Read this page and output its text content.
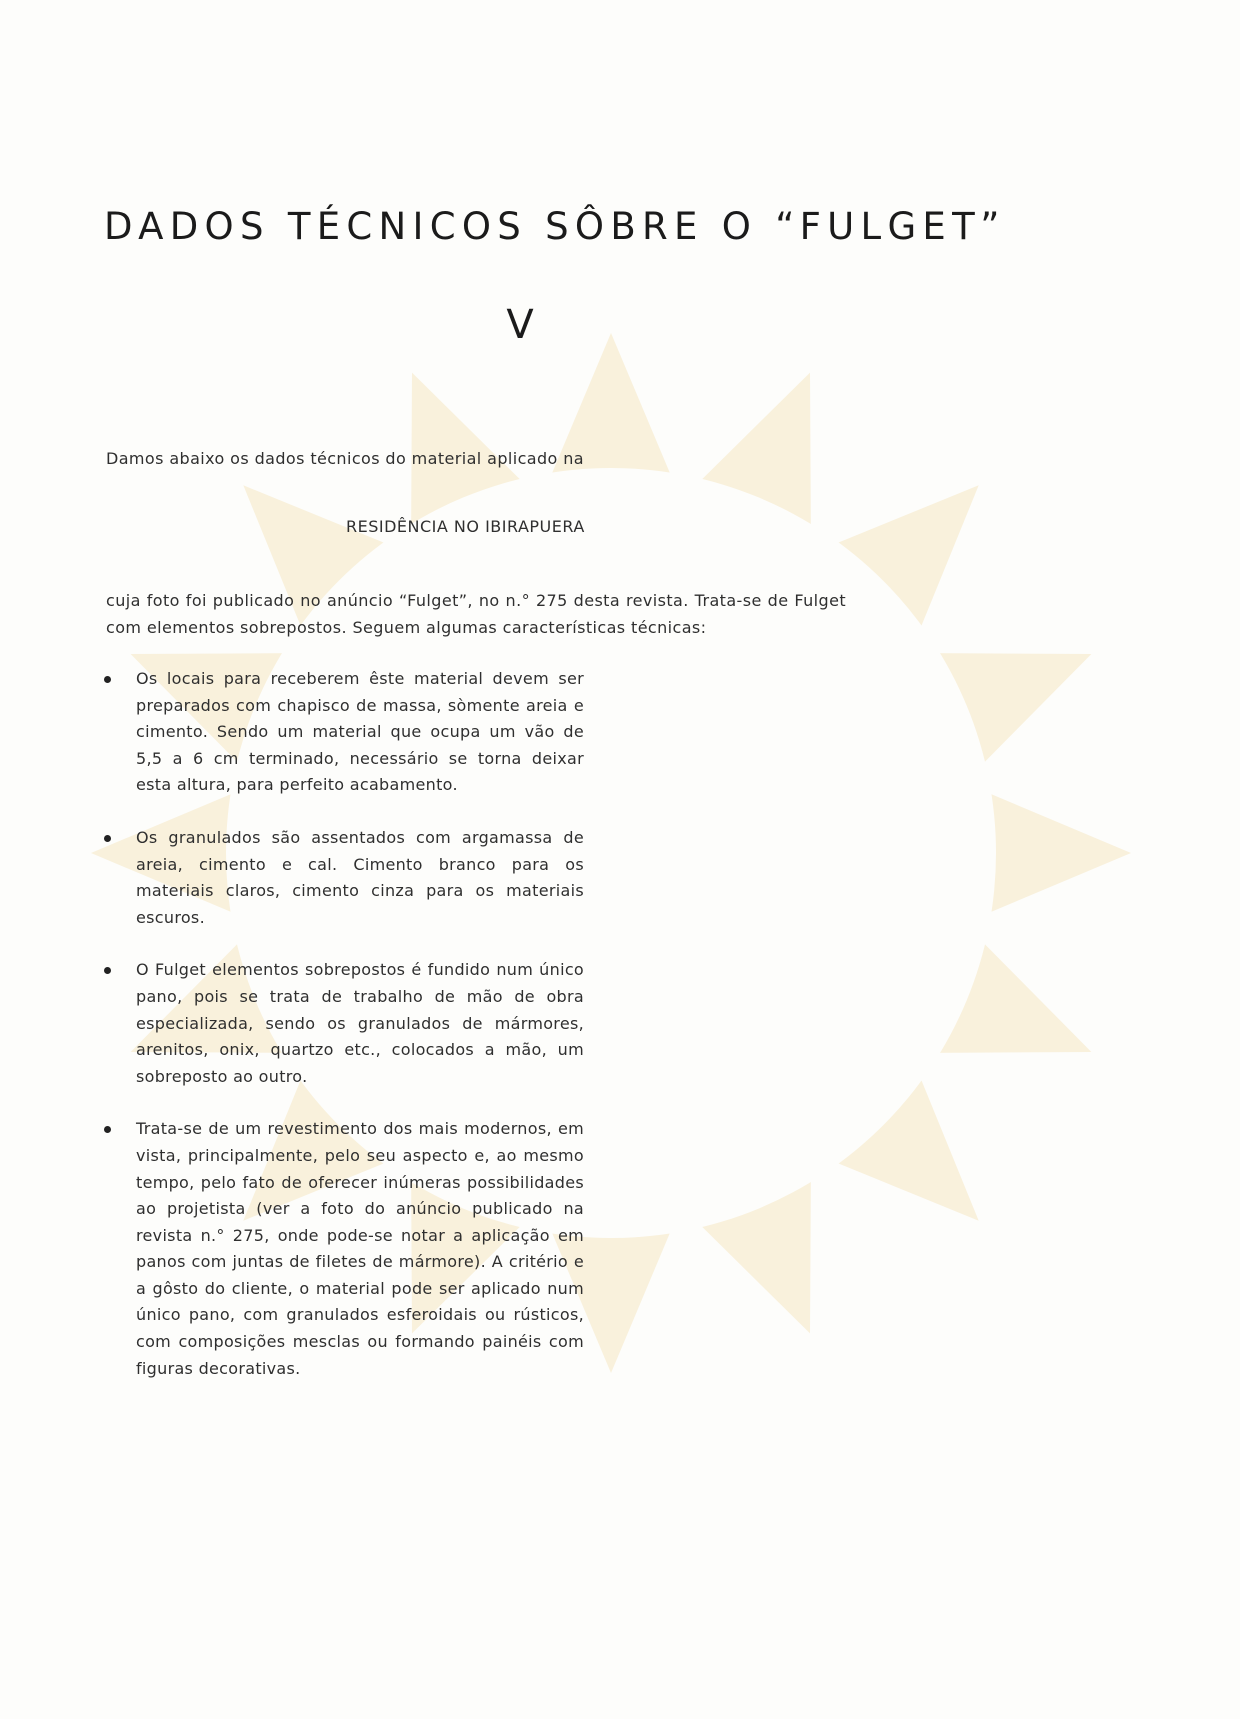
DADOS TÉCNICOS SÔBRE O “FULGET”
V
Damos abaixo os dados técnicos do material aplicado na
RESIDÊNCIA NO IBIRAPUERA

cuja foto foi publicado no anúncio “Fulget”, no n.° 275 desta revista. Trata-se de Fulget com elementos sobrepostos. Seguem algumas características técnicas:

Os locais para receberem êste material devem ser preparados com chapisco de massa, sòmente areia e cimento. Sendo um material que ocupa um vão de 5,5 a 6 cm terminado, necessário se torna deixar esta altura, para perfeito acabamento.
Os granulados são assentados com argamassa de areia, cimento e cal. Cimento branco para os materiais claros, cimento cinza para os materiais escuros.
O Fulget elementos sobrepostos é fundido num único pano, pois se trata de trabalho de mão de obra especializada, sendo os granulados de mármores, arenitos, onix, quartzo etc., colocados a mão, um sobreposto ao outro.
Trata-se de um revestimento dos mais modernos, em vista, principalmente, pelo seu aspecto e, ao mesmo tempo, pelo fato de oferecer inúmeras possibilidades ao projetista (ver a foto do anúncio publicado na revista n.° 275, onde pode-se notar a aplicação em panos com juntas de filetes de mármore). A critério e a gôsto do cliente, o material pode ser aplicado num único pano, com granulados esferoidais ou rústicos, com composições mesclas ou formando painéis com figuras decorativas.
